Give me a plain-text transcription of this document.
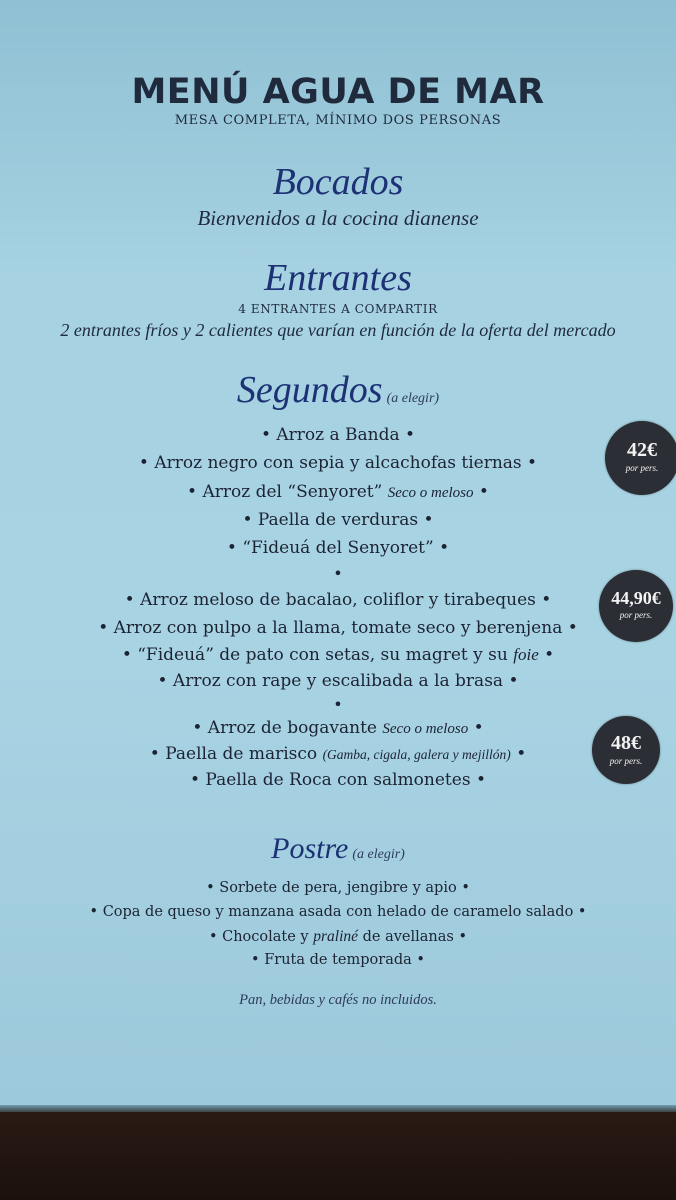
MENÚ AGUA DE MAR
MESA COMPLETA, MÍNIMO DOS PERSONAS
Bocados
Bienvenidos a la cocina dianense
Entrantes
4 ENTRANTES A COMPARTIR
2 entrantes fríos y 2 calientes que varían en función de la oferta del mercado
Segundos (a elegir)
• Arroz a Banda •
• Arroz negro con sepia y alcachofas tiernas •
• Arroz del “Senyoret” Seco o meloso •
• Paella de verduras •
• “Fideuá del Senyoret” •
42€
por pers.
•
• Arroz meloso de bacalao, coliflor y tirabeques •
• Arroz con pulpo a la llama, tomate seco y berenjena •
• “Fideuá” de pato con setas, su magret y su foie •
• Arroz con rape y escalibada a la brasa •
44,90€
por pers.
•
• Arroz de bogavante Seco o meloso •
• Paella de marisco (Gamba, cigala, galera y mejillón) •
• Paella de Roca con salmonetes •
48€
por pers.
Postre (a elegir)
• Sorbete de pera, jengibre y apio •
• Copa de queso y manzana asada con helado de caramelo salado •
• Chocolate y praliné de avellanas •
• Fruta de temporada •
Pan, bebidas y cafés no incluidos.
